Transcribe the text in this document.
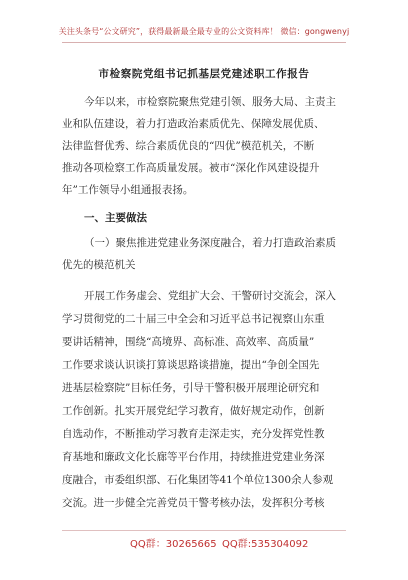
关注头条号“公文研究”，获得最新最全最专业的公文资料库！ 微信：gongwenyj
市检察院党组书记抓基层党建述职工作报告
今年以来，市检察院聚焦党建引领、服务大局、主责主
业和队伍建设，着力打造政治素质优先、保障发展优质、
法律监督优秀、综合素质优良的“四优”模范机关，不断
推动各项检察工作高质量发展。被市“深化作风建设提升
年”工作领导小组通报表扬。
一、主要做法
（一）聚焦推进党建业务深度融合，着力打造政治素质
优先的模范机关
开展工作务虚会、党组扩大会、干警研讨交流会，深入
学习贯彻党的二十届三中全会和习近平总书记视察山东重
要讲话精神，围绕“高境界、高标准、高效率、高质量”
工作要求谈认识谈打算谈思路谈措施，提出“争创全国先
进基层检察院”目标任务，引导干警积极开展理论研究和
工作创新。扎实开展党纪学习教育，做好规定动作，创新
自选动作，不断推动学习教育走深走实，充分发挥党性教
育基地和廉政文化长廊等平台作用，持续推进党建业务深
度融合，市委组织部、石化集团等41个单位1300余人参观
交流。进一步健全完善党员干警考核办法，发挥积分考核
QQ群：30265665 QQ群:535304092
